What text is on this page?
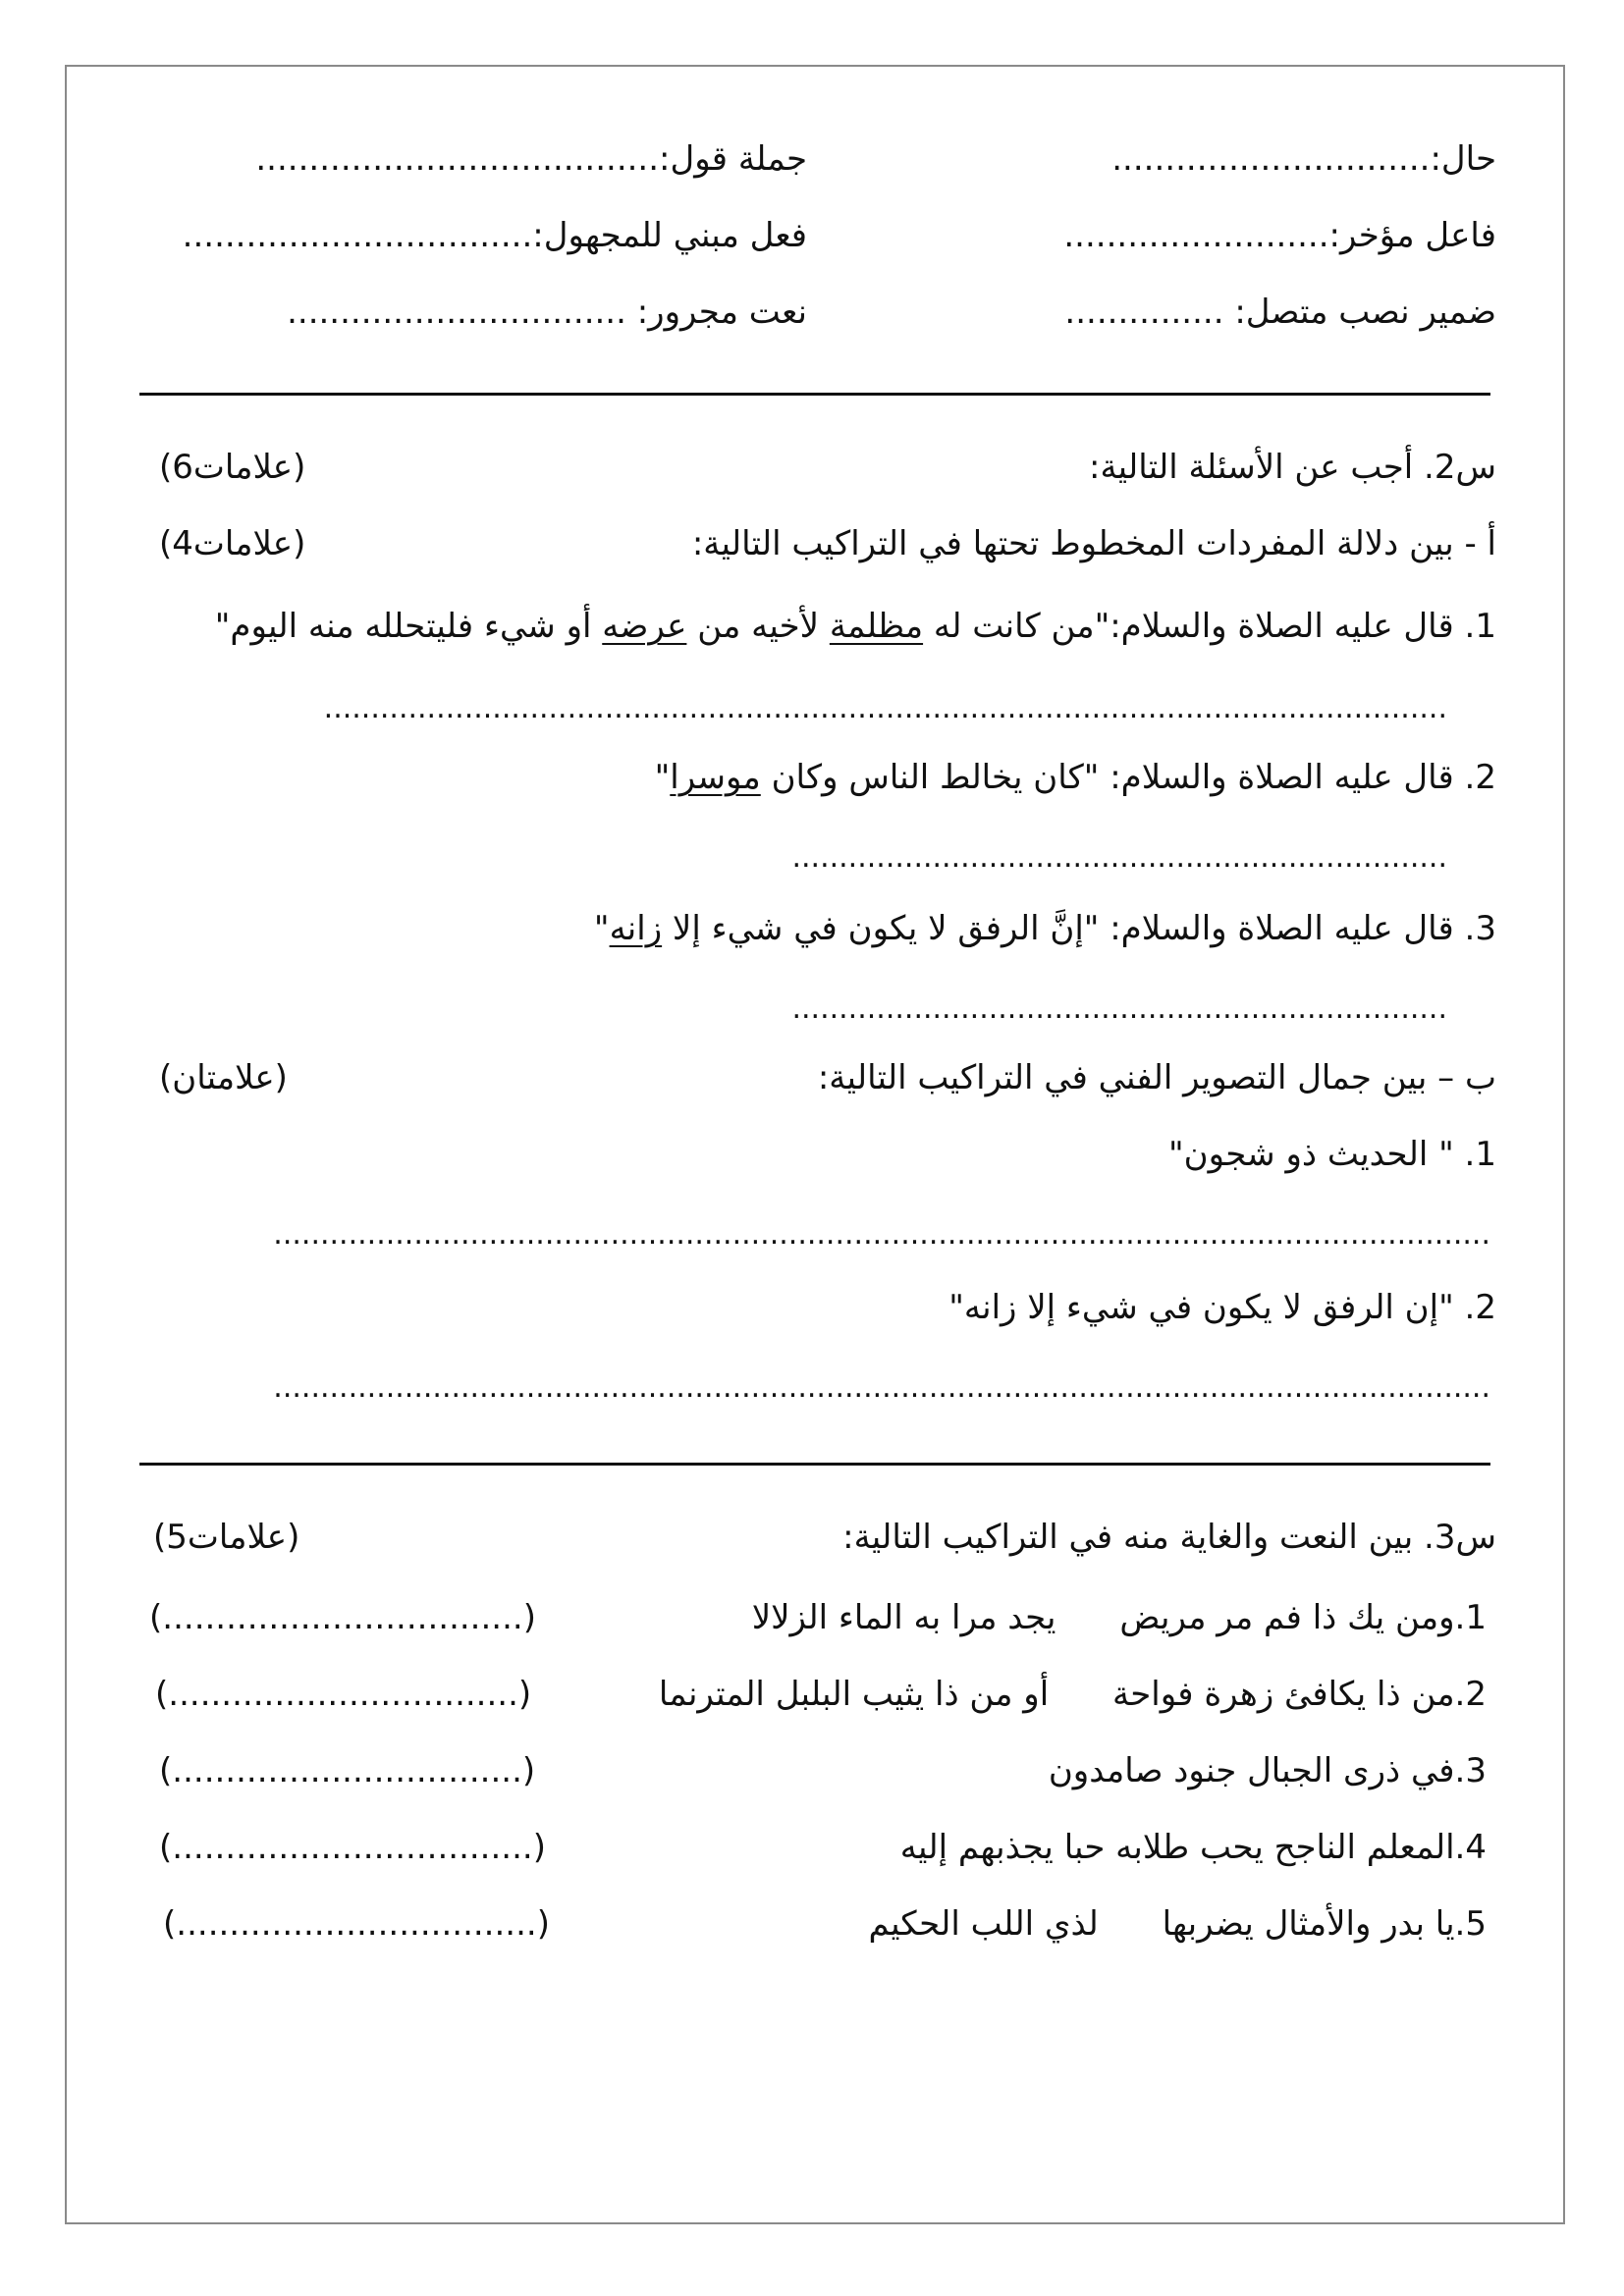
حال:..............................
جملة قول:......................................
فاعل مؤخر:.........................
فعل مبني للمجهول:.................................
ضمير نصب متصل: ...............
نعت مجرور: ................................
س2. أجب عن الأسئلة التالية:
(6علامات)
أ - بين دلالة المفردات المخطوط تحتها في التراكيب التالية:
(4علامات)
1. قال عليه الصلاة والسلام:"من كانت له مظلمة لأخيه من عرضه أو شيء فليتحلله منه اليوم"
........................................................................................................................
2. قال عليه الصلاة والسلام: "كان يخالط الناس وكان موسرا"
......................................................................
3. قال عليه الصلاة والسلام: "إنَّ الرفق لا يكون في شيء إلا زانه"
......................................................................
ب – بين جمال التصوير الفني في التراكيب التالية:
(علامتان)
1. " الحديث ذو شجون"
..................................................................................................................................
2. "إن الرفق لا يكون في شيء إلا زانه"
..................................................................................................................................
س3. بين النعت والغاية منه في التراكيب التالية:
(5علامات)
1.ومن يك ذا فم مر مريض      يجد مرا به الماء الزلالا
(..................................)
2.من ذا يكافئ زهرة فواحة      أو من ذا يثيب البلبل المترنما
(.................................)
3.في ذرى الجبال جنود صامدون
(.................................)
4.المعلم الناجح يحب طلابه حبا يجذبهم إليه
(..................................)
5.يا بدر والأمثال يضربها      لذي اللب الحكيم
(..................................)
